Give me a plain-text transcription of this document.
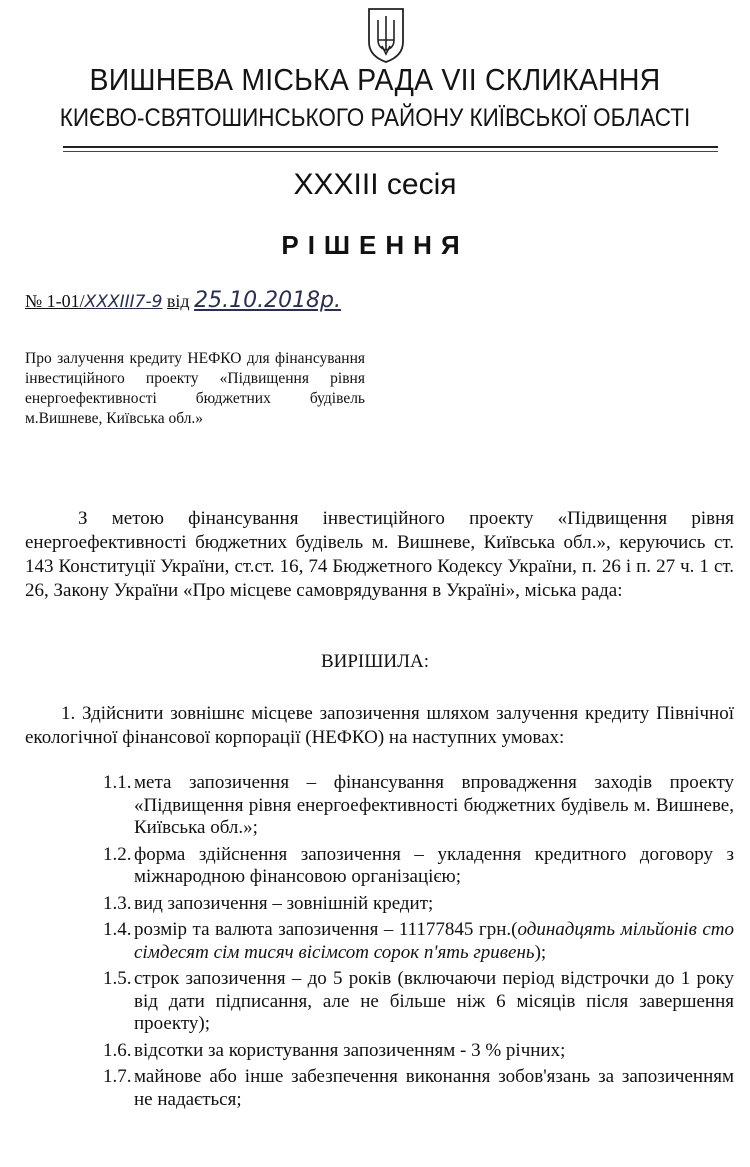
ВИШНЕВА МІСЬКА РАДА VII СКЛИКАННЯ
КИЄВО-СВЯТОШИНСЬКОГО РАЙОНУ КИЇВСЬКОЇ ОБЛАСТІ
XXXIII сесія
РІШЕННЯ
№ 1-01/XXXIII7-9 від 25.10.2018р.
Про залучення кредиту НЕФКО для фінансування інвестиційного проекту «Підвищення рівня енергоефективності бюджетних будівель м.Вишневе, Київська обл.»
З метою фінансування інвестиційного проекту «Підвищення рівня енергоефективності бюджетних будівель м. Вишневе, Київська обл.», керуючись ст. 143 Конституції України, ст.ст. 16, 74 Бюджетного Кодексу України, п. 26 і п. 27 ч. 1 ст. 26, Закону України «Про місцеве самоврядування в Україні», міська рада:
ВИРІШИЛА:
1. Здійснити зовнішнє місцеве запозичення шляхом залучення кредиту Північної екологічної фінансової корпорації (НЕФКО) на наступних умовах:
1.1. мета запозичення – фінансування впровадження заходів проекту «Підвищення рівня енергоефективності бюджетних будівель м. Вишневе, Київська обл.»;
1.2. форма здійснення запозичення – укладення кредитного договору з міжнародною фінансовою організацією;
1.3. вид запозичення – зовнішній кредит;
1.4. розмір та валюта запозичення – 11177845 грн.(одинадцять мільйонів сто сімдесят сім тисяч вісімсот сорок п'ять гривень);
1.5. строк запозичення – до 5 років (включаючи період відстрочки до 1 року від дати підписання, але не більше ніж 6 місяців після завершення проекту);
1.6. відсотки за користування запозиченням - 3 % річних;
1.7. майнове або інше забезпечення виконання зобов'язань за запозиченням не надається;
